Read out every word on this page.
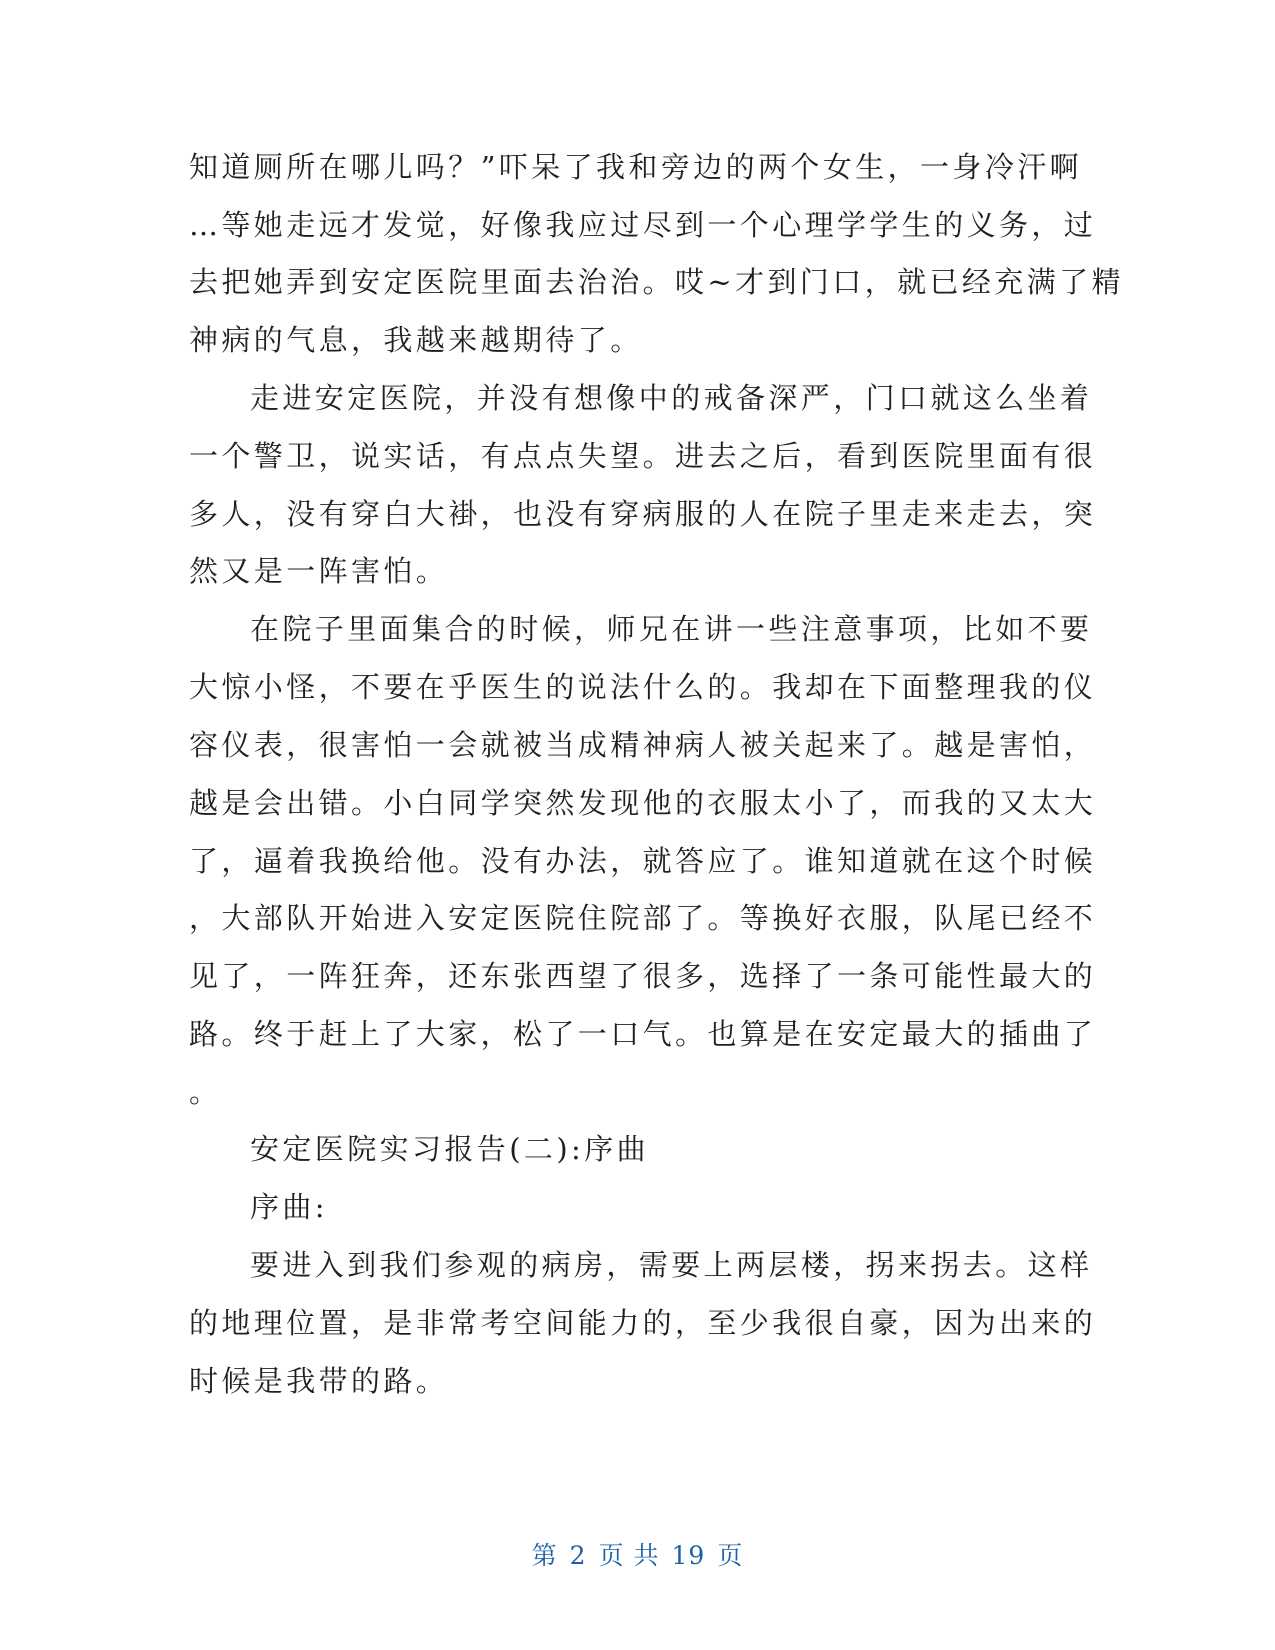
知道厕所在哪儿吗？”吓呆了我和旁边的两个女生，一身冷汗啊
…等她走远才发觉，好像我应过尽到一个心理学学生的义务，过
去把她弄到安定医院里面去治治。哎~才到门口，就已经充满了精
神病的气息，我越来越期待了。
走进安定医院，并没有想像中的戒备深严，门口就这么坐着
一个警卫，说实话，有点点失望。进去之后，看到医院里面有很
多人，没有穿白大褂，也没有穿病服的人在院子里走来走去，突
然又是一阵害怕。
在院子里面集合的时候，师兄在讲一些注意事项，比如不要
大惊小怪，不要在乎医生的说法什么的。我却在下面整理我的仪
容仪表，很害怕一会就被当成精神病人被关起来了。越是害怕，
越是会出错。小白同学突然发现他的衣服太小了，而我的又太大
了，逼着我换给他。没有办法，就答应了。谁知道就在这个时候
，大部队开始进入安定医院住院部了。等换好衣服，队尾已经不
见了，一阵狂奔，还东张西望了很多，选择了一条可能性最大的
路。终于赶上了大家，松了一口气。也算是在安定最大的插曲了
。
安定医院实习报告(二):序曲
序曲:
要进入到我们参观的病房，需要上两层楼，拐来拐去。这样
的地理位置，是非常考空间能力的，至少我很自豪，因为出来的
时候是我带的路。
第 2 页 共 19 页
